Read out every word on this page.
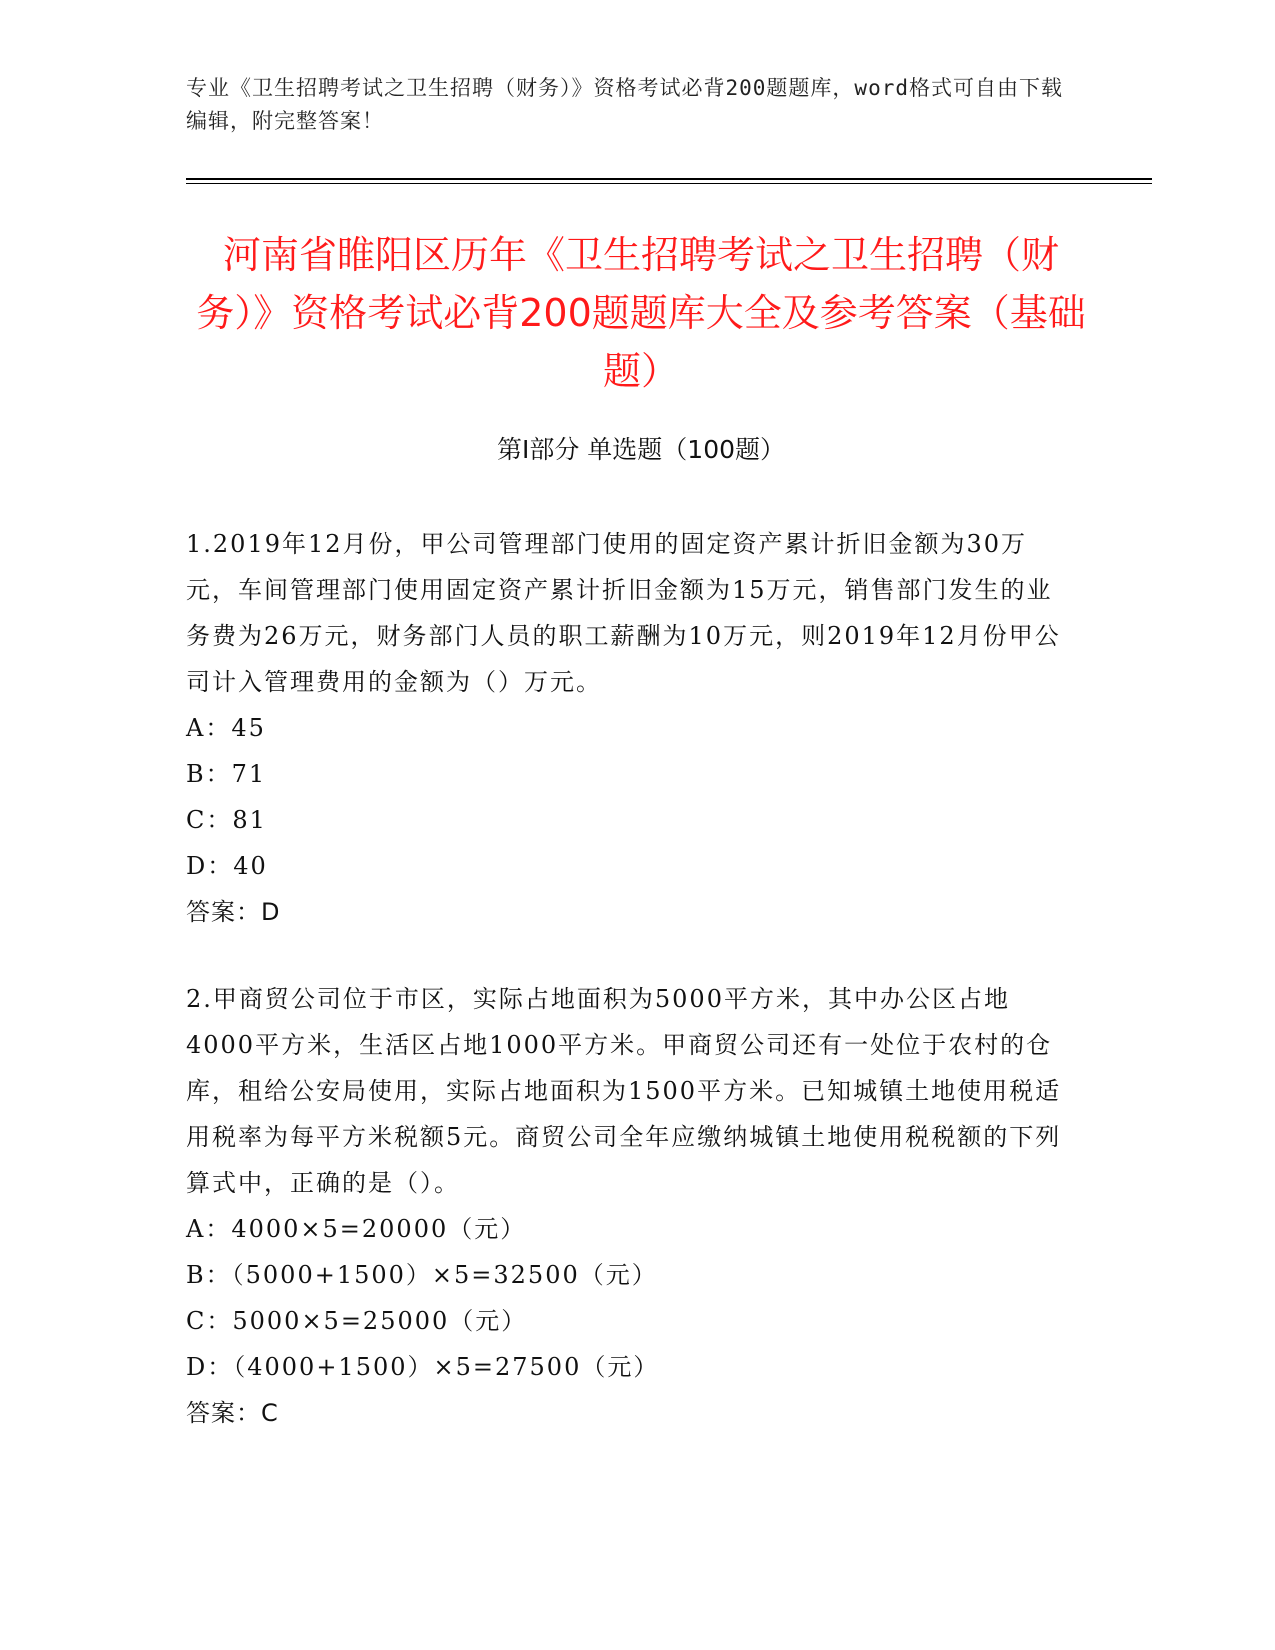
专业《卫生招聘考试之卫生招聘（财务）》资格考试必背200题题库，word格式可自由下载编辑，附完整答案！
河南省睢阳区历年《卫生招聘考试之卫生招聘（财务）》资格考试必背200题题库大全及参考答案（基础题）
第Ⅰ部分 单选题（100题）

1.2019年12月份，甲公司管理部门使用的固定资产累计折旧金额为30万元，车间管理部门使用固定资产累计折旧金额为15万元，销售部门发生的业务费为26万元，财务部门人员的职工薪酬为10万元，则2019年12月份甲公司计入管理费用的金额为（）万元。

A：45

B：71

C：81

D：40

答案：D

2.甲商贸公司位于市区，实际占地面积为5000平方米，其中办公区占地4000平方米，生活区占地1000平方米。甲商贸公司还有一处位于农村的仓库，租给公安局使用，实际占地面积为1500平方米。已知城镇土地使用税适用税率为每平方米税额5元。商贸公司全年应缴纳城镇土地使用税税额的下列算式中，正确的是（）。

A：4000×5=20000（元）

B：（5000+1500）×5=32500（元）

C：5000×5=25000（元）

D：（4000+1500）×5=27500（元）

答案：C
